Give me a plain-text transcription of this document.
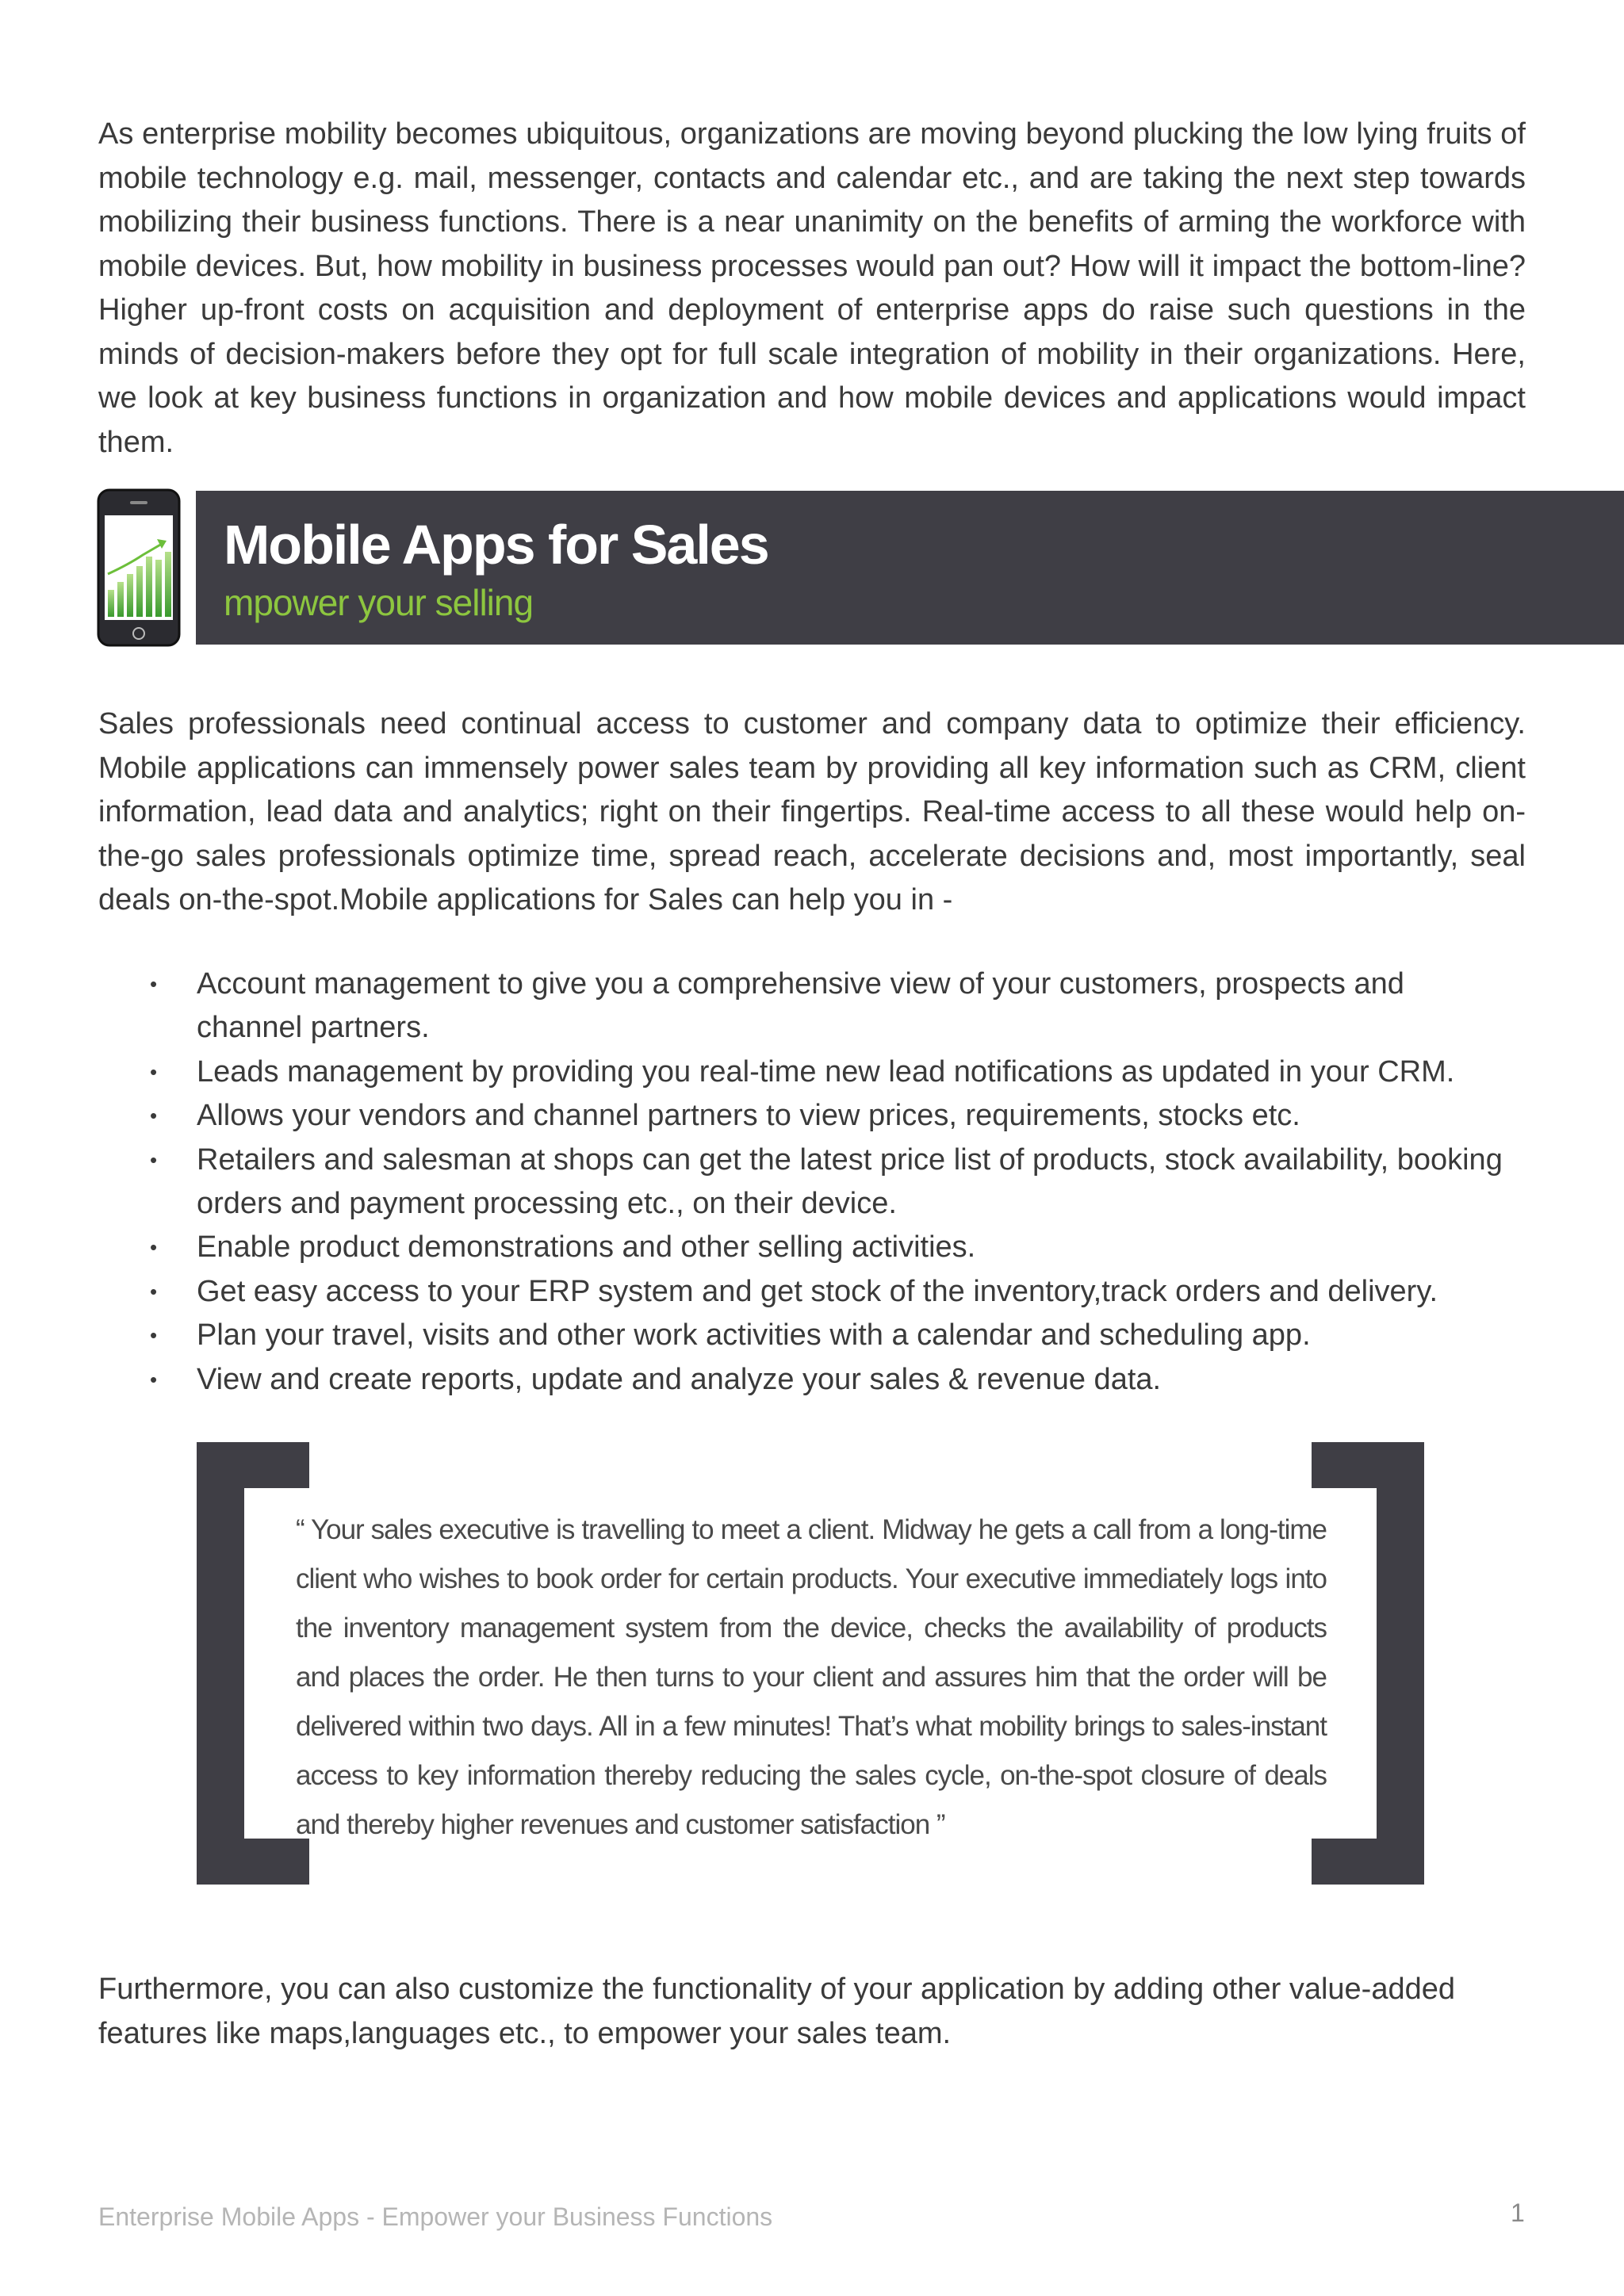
As enterprise mobility becomes ubiquitous, organizations are moving beyond plucking the low lying fruits of mobile technology e.g. mail, messenger, contacts and calendar etc., and are taking the next step towards mobilizing their business functions. There is a near unanimity on the benefits of arming the workforce with mobile devices. But, how mobility in business processes would pan out? How will it impact the bottom-line? Higher up-front costs on acquisition and deployment of enterprise apps do raise such questions in the minds of decision-makers before they opt for full scale integration of mobility in their organizations. Here, we look at key business functions in organization and how mobile devices and applications would impact them.

Mobile Apps for Sales
mpower your selling

Sales professionals need continual access to customer and company data to optimize their efficiency. Mobile applications can immensely power sales team by providing all key information such as CRM, client information, lead data and analytics; right on their fingertips. Real-time access to all these would help on-the-go sales professionals optimize time, spread reach, accelerate decisions and, most importantly, seal deals on-the-spot.Mobile applications for Sales can help you in -

• Account management to give you a comprehensive view of your customers, prospects and channel partners.
• Leads management by providing you real-time new lead notifications as updated in your CRM.
• Allows your vendors and channel partners to view prices, requirements, stocks etc.
• Retailers and salesman at shops can get the latest price list of products, stock availability, booking orders and payment processing etc., on their device.
• Enable product demonstrations and other selling activities.
• Get easy access to your ERP system and get stock of the inventory,track orders and delivery.
• Plan your travel, visits and other work activities with a calendar and scheduling app.
• View and create reports, update and analyze your sales & revenue data.

“ Your sales executive is travelling to meet a client. Midway he gets a call from a long-time client who wishes to book order for certain products. Your executive immediately logs into the inventory management system from the device, checks the availability of products and places the order. He then turns to your client and assures him that the order will be delivered within two days. All in a few minutes! That’s what mobility brings to sales-instant access to key information thereby reducing the sales cycle, on-the-spot closure of deals and thereby higher revenues and customer satisfaction ”

Furthermore, you can also customize the functionality of your application by adding other value-added features like maps,languages etc., to empower your sales team.

Enterprise Mobile Apps - Empower your Business Functions	1
